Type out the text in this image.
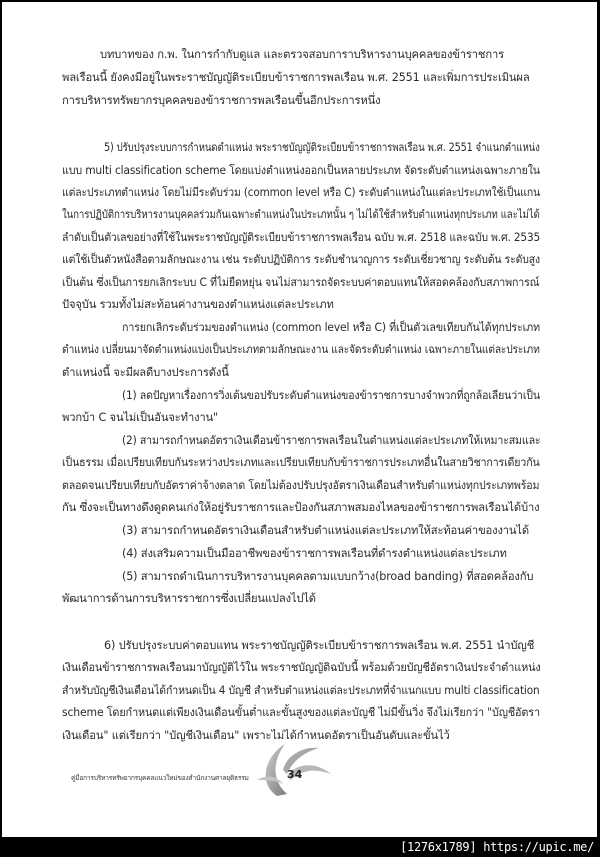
บทบาทของ ก.พ. ในการกำกับดูแล และตรวจสอบการาบริหารงานบุคคลของข้าราชการ
พลเรือนนี้ ยังคงมีอยู่ในพระราชบัญญัติระเบียบข้าราชการพลเรือน พ.ศ. 2551 และเพิ่มการประเมินผล
การบริหารทรัพยากรบุคคลของข้าราชการพลเรือนขึ้นอีกประการหนึ่ง
5) ปรับปรุงระบบการกำหนดตำแหน่ง พระราชบัญญัติระเบียบข้าราชการพลเรือน พ.ศ. 2551 จำแนกตำแหน่ง
แบบ multi classification scheme โดยแบ่งตำแหน่งออกเป็นหลายประเภท จัดระดับตำแหน่งเฉพาะภายใน
แต่ละประเภทตำแหน่ง โดยไม่มีระดับร่วม (common level หรือ C) ระดับตำแหน่งในแต่ละประเภทใช้เป็นแกน
ในการปฏิบัติการบริหารงานบุคคลร่วมกันเฉพาะตำแหน่งในประเภทนั้น ๆ ไม่ได้ใช้สำหรับตำแหน่งทุกประเภท และไม่ได้
ลำดับเป็นตัวเลขอย่างที่ใช้ในพระราชบัญญัติระเบียบข้าราชการพลเรือน ฉบับ พ.ศ. 2518 และฉบับ พ.ศ. 2535
แต่ใช้เป็นตัวหนังสือตามลักษณะงาน เช่น ระดับปฏิบัติการ ระดับชำนาญการ ระดับเชี่ยวชาญ ระดับต้น ระดับสูง
เป็นต้น ซึ่งเป็นการยกเลิกระบบ C ที่ไม่ยืดหยุ่น จนไม่สามารถจัดระบบค่าตอบแทนให้สอดคล้องกับสภาพการณ์
ปัจจุบัน รวมทั้งไม่สะท้อนค่างานของตำแหน่งแต่ละประเภท
การยกเลิกระดับร่วมของตำแหน่ง (common level หรือ C) ที่เป็นตัวเลขเทียบกันได้ทุกประเภท
ตำแหน่ง เปลี่ยนมาจัดตำแหน่งแบ่งเป็นประเภทตามลักษณะงาน และจัดระดับตำแหน่ง เฉพาะภายในแต่ละประเภท
ตำแหน่งนี้ จะมีผลดีบางประการดังนี้
(1) ลดปัญหาเรื่องการวิ่งเต้นขอปรับระดับตำแหน่งของข้าราชการบางจำพวกที่ถูกล้อเลียนว่าเป็น
พวกบ้า C จนไม่เป็นอันจะทำงาน"
(2) สามารถกำหนดอัตราเงินเดือนข้าราชการพลเรือนในตำแหน่งแต่ละประเภทให้เหมาะสมและ
เป็นธรรม เมื่อเปรียบเทียบกันระหว่างประเภทและเปรียบเทียบกับข้าราชการประเภทอื่นในสายวิชาการเดียวกัน
ตลอดจนเปรียบเทียบกับอัตราค่าจ้างตลาด โดยไม่ต้องปรับปรุงอัตราเงินเดือนสำหรับตำแหน่งทุกประเภทพร้อม
กัน ซึ่งจะเป็นทางดึงดูดคนเก่งให้อยู่รับราชการและป้องกันสภาพสมองไหลของข้าราชการพลเรือนได้บ้าง
(3) สามารถกำหนดอัตราเงินเดือนสำหรับตำแหน่งแต่ละประเภทให้สะท้อนค่าของงานได้
(4) ส่งเสริมความเป็นมืออาชีพของข้าราชการพลเรือนที่ดำรงตำแหน่งแต่ละประเภท
(5) สามารถดำเนินการบริหารงานบุคคลตามแบบกว้าง(broad banding) ที่สอดคล้องกับ
พัฒนาการด้านการบริหารราชการซึ่งเปลี่ยนแปลงไปได้
6) ปรับปรุงระบบค่าตอบแทน พระราชบัญญัติระเบียบข้าราชการพลเรือน พ.ศ. 2551 นำบัญชี
เงินเดือนข้าราชการพลเรือนมาบัญญัติไว้ใน พระราชบัญญัติฉบับนี้ พร้อมด้วยบัญชีอัตราเงินประจำตำแหน่ง
สำหรับบัญชีเงินเดือนได้กำหนดเป็น 4 บัญชี สำหรับตำแหน่งแต่ละประเภทที่จำแนกแบบ multi classification
scheme โดยกำหนดแต่เพียงเงินเดือนขั้นต่ำและขั้นสูงของแต่ละบัญชี ไม่มีขั้นวิ่ง จึงไม่เรียกว่า "บัญชีอัตรา
เงินเดือน" แต่เรียกว่า "บัญชีเงินเดือน" เพราะไม่ได้กำหนดอัตราเป็นอันดับและขั้นไว้
คู่มือการบริหารทรัพยากรบุคคลแนวใหม่ของสำนักงานศาลยุติธรรม	34
[1276x1789] https://upic.me/
